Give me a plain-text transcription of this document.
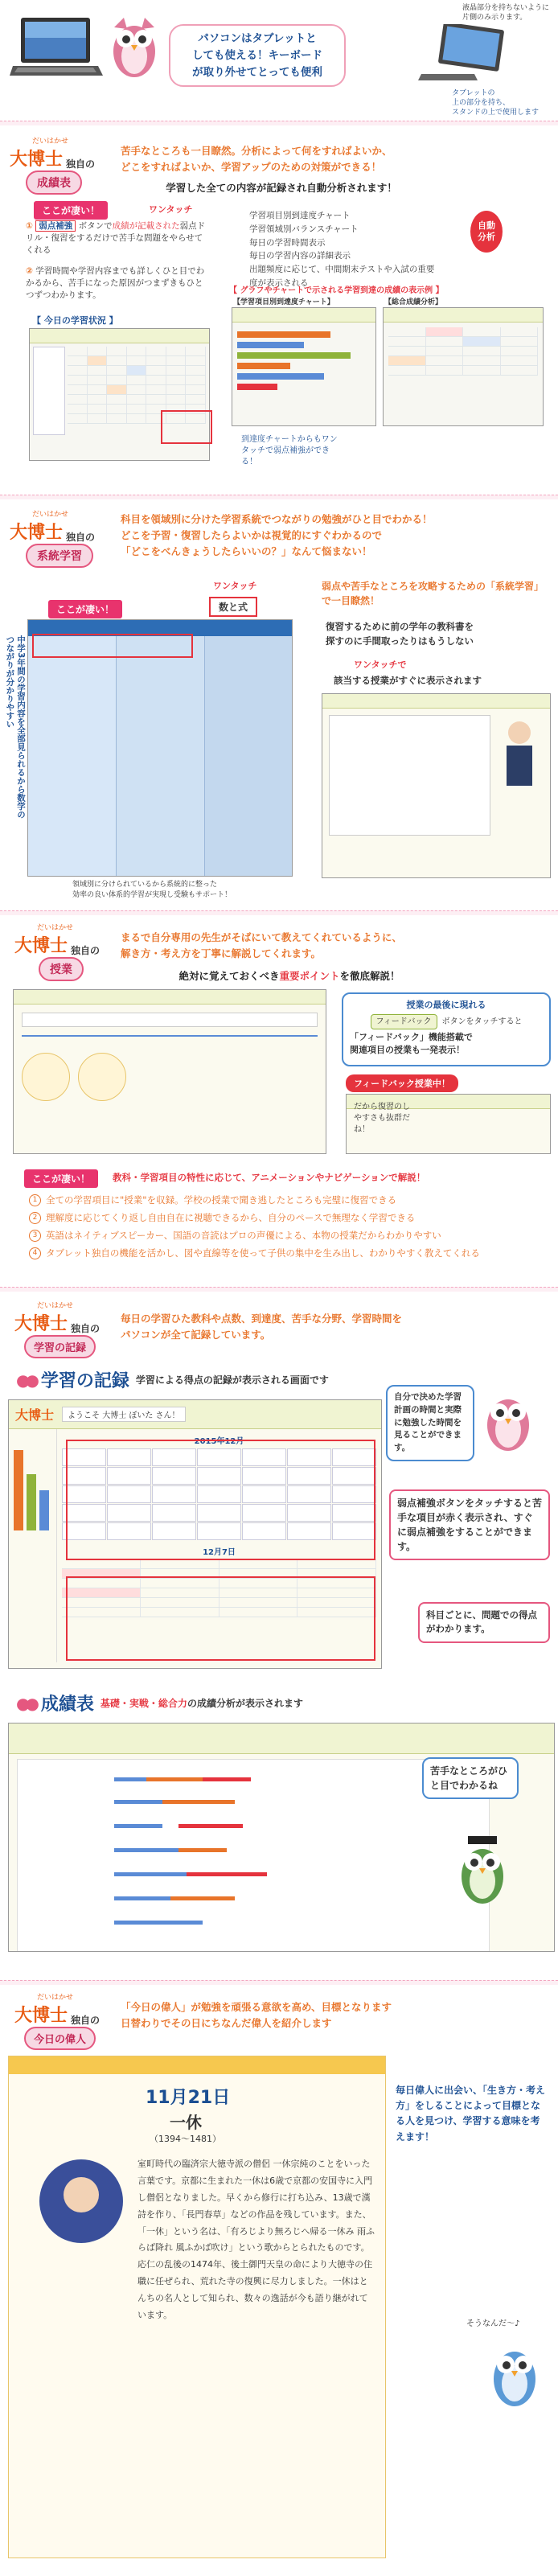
パソコンはタブレットと
しても使える！キーボード
が取り外せてとっても便利
液晶部分を持ちないように
片側のみ示ります。
タブレットの
上の部分を持ち、
スタンドの上で使用します
だいはかせ
大博士 独自の
成績表
苦手なところも一目瞭然。分析によって何をすればよいか、
どこをすればよいか、学習アップのための対策ができる！
学習した全ての内容が記録され自動分析されます！
ここが凄い！	ワンタッチ
① 弱点補強 ボタンで成績が記載された弱点ドリル・復習をするだけで苦手な問題をやらせてくれる
② 学習時間や学習内容までも詳しくひと目でわかるから、苦手になった原因がつまずきもひとつずつわかります。
【 今日の学習状況 】
学習項目別到達度チャート
学習領域別バランスチャート
毎日の学習時間表示
毎日の学習内容の詳細表示
出題頻度に応じて、中間期末テストや入試の重要度が表示される
自動
分析
【 グラフやチャートで示される学習到達の成績の表示例 】
【学習項目別到達度チャート】	【総合成績分析】
到達度チャートからもワンタッチで弱点補強ができる！
だいはかせ
大博士 独自の
系統学習
科目を領域別に分けた学習系統でつながりの勉強がひと目でわかる！
どこを予習・復習したらよいかは視覚的にすぐわかるので
「どこをべんきょうしたらいいの？」なんて悩まない！
ここが凄い！
ワンタッチ
数と式
中学3年間の学習内容を全部見られるから数学のつながりが分かりやすい
領域別に分けられているから系統的に整った
効率の良い体系的学習が実現し受験もサポート！
弱点や苦手なところを攻略するための「系統学習」で一目瞭然！
復習するために前の学年の教科書を
探すのに手間取ったりはもうしない
ワンタッチで
該当する授業がすぐに表示されます
だいはかせ
大博士 独自の
授業
まるで自分専用の先生がそばにいて教えてくれているように、
解き方・考え方を丁寧に解説してくれます。
絶対に覚えておくべき重要ポイントを徹底解説！
授業の最後に現れる
フィードバック	ボタンをタッチすると
「フィードバック」機能搭載で
関連項目の授業も一発表示！
フィードバック授業中！
だから復習のしやすさも抜群だね！
ここが凄い！	教科・学習項目の特性に応じて、アニメーションやナビゲーションで解説！
1 全ての学習項目に"授業"を収録。学校の授業で聞き逃したところも完璧に復習できる
2 理解度に応じてくり返し自由自在に視聴できるから、自分のペースで無理なく学習できる
3 英語はネイティブスピーカー、国語の音読はプロの声優による、本物の授業だからわかりやすい
4 タブレット独自の機能を活かし、図や直線等を使って子供の集中を生み出し、わかりやすく教えてくれる
だいはかせ
大博士 独自の
学習の記録
毎日の学習ひた教科や点数、到達度、苦手な分野、学習時間を
パソコンが全て記録しています。
●● 学習の記録 学習による得点の記録が表示される画面です
大博士	ようこそ 大博士 ぼいた さん！
2015年12月
12月7日
自分で決めた学習計画の時間と実際に勉強した時間を見ることができます。
弱点補強ボタンをタッチすると苦手な項目が赤く表示され、すぐに弱点補強をすることができます。
科目ごとに、問題での得点がわかります。
●● 成績表 基礎・実戦・総合力の成績分析が表示されます
苦手なところがひと目でわかるね
だいはかせ
大博士 独自の
今日の偉人
「今日の偉人」が勉強を頑張る意欲を高め、目標となります
日替わりでその日にちなんだ偉人を紹介します
11月21日
一休
（1394〜1481）
室町時代の臨済宗大徳寺派の僧侶 一休宗純のことをいった言葉です。京都に生まれた一休は6歳で京都の安国寺に入門し僧侶となりました。早くから修行に打ち込み、13歳で漢詩を作り、「長門春草」などの作品を残しています。また、「一休」という名は、「有ろじより無ろじへ帰る一休み 雨ふらば降れ 風ふかば吹け」という歌からとられたものです。応仁の乱後の1474年、後土御門天皇の命により大徳寺の住職に任ぜられ、荒れた寺の復興に尽力しました。一休はとんちの名人として知られ、数々の逸話が今も語り継がれています。
毎日偉人に出会い、「生き方・考え方」をしることによって目標となる人を見つけ、学習する意味を考えます！
そうなんだ〜♪
